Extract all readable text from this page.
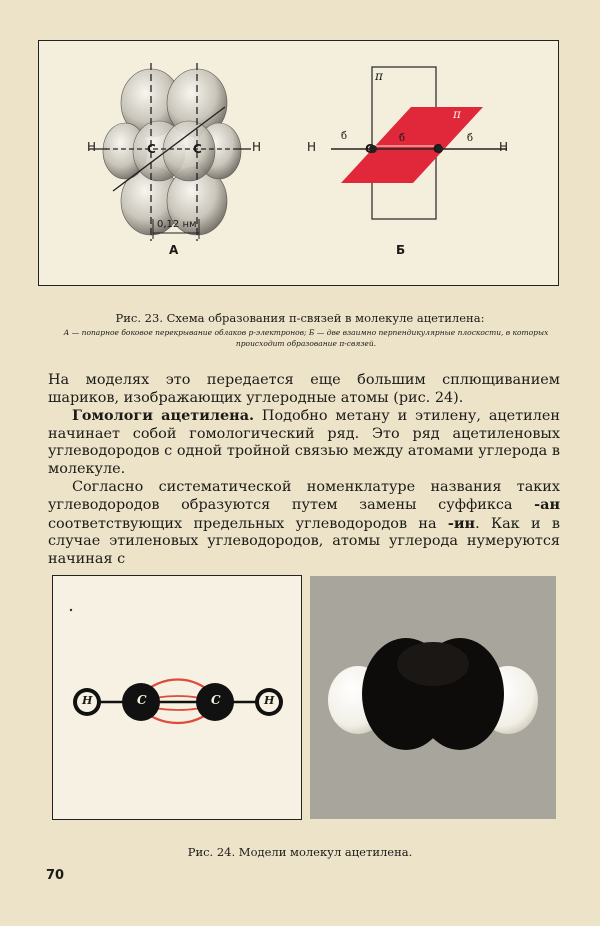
H	C	C	H
0,12 нм
А
π
π
H	C	C	H
б	б	б
Б
Рис. 23. Схема образования π-связей в молекуле ацетилена:
А — попарное боковое перекрывание облаков p-электронов; Б — две взаимно перпендикулярные плоскости, в которых происходит образование π-связей.

На моделях это передается еще большим сплющиванием шариков, изображающих углеродные атомы (рис. 24).

Гомологи ацетилена. Подобно метану и этилену, ацетилен начинает собой гомологический ряд. Это ряд ацетиленовых углеводородов с одной тройной связью между атомами углерода в молекуле.

Согласно систематической номенклатуре названия таких углеводородов образуются путем замены суффикса -ан соответствующих предельных углеводородов на -ин. Как и в случае этиленовых углеводородов, атомы углерода нумеруются начиная с

H	C	C	H
Рис. 24. Модели молекул ацетилена.
70
